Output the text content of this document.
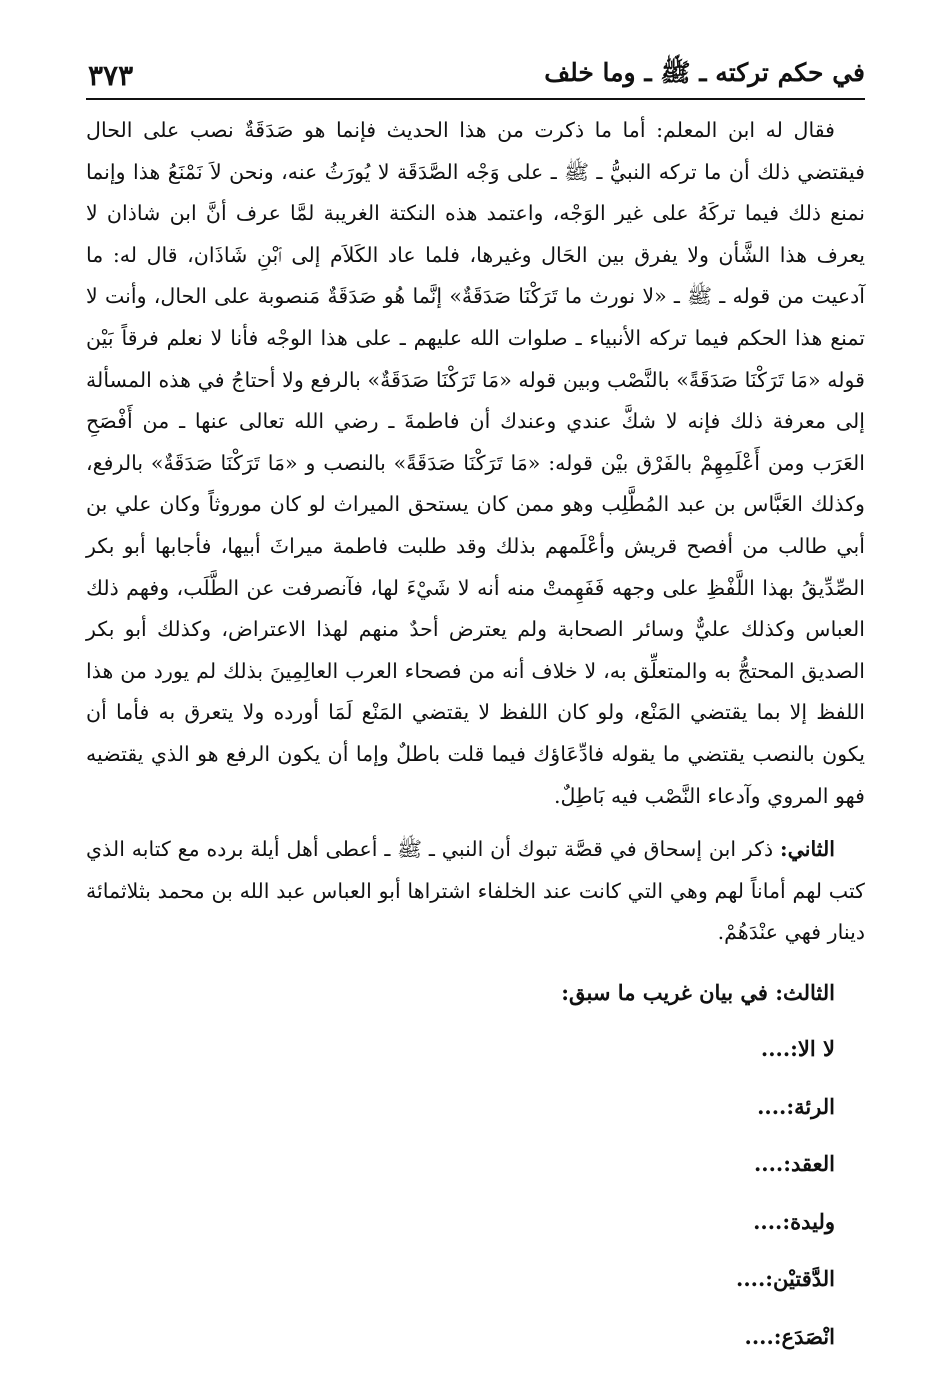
في حكم تركته ـ ﷺ ـ وما خلف
٣٧٣

فقال له ابن المعلم: أما ما ذكرت من هذا الحديث فإنما هو صَدَقَةٌ نصب على الحال فيقتضي ذلك أن ما تركه النبيُّ ـ ﷺ ـ على وَجْه الصَّدَقَة لا يُورَثُ عنه، ونحن لاَ نَمْنَعُ هذا وإنما نمنع ذلك فيما تركَهُ على غير الوَجْه، واعتمد هذه النكتة الغريبة لمَّا عرف أنَّ ابن شاذان لا يعرف هذا الشَّأن ولا يفرق بين الحَال وغيرها، فلما عاد الكَلاَم إلى ٱبْنِ شَاذَان، قال له: ما آدعيت من قوله ـ ﷺ ـ «لا نورث ما تَرَكْنَا صَدَقَةٌ» إنَّما هُو صَدَقَةٌ مَنصوبة على الحال، وأنت لا تمنع هذا الحكم فيما تركه الأنبياء ـ صلوات الله عليهم ـ على هذا الوجْه فأنا لا نعلم فرقاً بَيْن قوله «مَا تَرَكْنَا صَدَقَةً» بالنَّصْب وبين قوله «مَا تَرَكْنَا صَدَقَةٌ» بالرفع ولا أحتاجُ في هذه المسألة إلى معرفة ذلك فإنه لا شكَّ عندي وعندك أن فاطمةَ ـ رضي الله تعالى عنها ـ من أَفْصَحِ العَرَب ومن أَعْلَمِهِمْ بالفَرْق بيْن قوله: «مَا تَرَكْنَا صَدَقَةً» بالنصب و «مَا تَرَكْنَا صَدَقَةٌ» بالرفع، وكذلك العَبَّاس بن عبد المُطَّلِب وهو ممن كان يستحق الميراث لو كان موروثاً وكان علي بن أبي طالب من أفصح قريش وأعْلَمهم بذلك وقد طلبت فاطمة ميراثَ أبيها، فأجابها أبو بكر الصِّدِّيقُ بهذا اللَّفْظِ على وجهه فَفَهِمتْ منه أنه لا شَيْءَ لها، فآنصرفت عن الطَّلَب، وفهم ذلك العباس وكذلك عليٌّ وسائر الصحابة ولم يعترض أحدٌ منهم لهذا الاعتراض، وكذلك أبو بكر الصديق المحتجُّ به والمتعلِّق به، لا خلاف أنه من فصحاء العرب العالِمِينَ بذلك لم يورد من هذا اللفظ إلا بما يقتضي المَنْع، ولو كان اللفظ لا يقتضي المَنْع لَمَا أورده ولا يتعرق به فأما أن يكون بالنصب يقتضي ما يقوله فادِّعَاؤك فيما قلت باطلٌ وإما أن يكون الرفع هو الذي يقتضيه فهو المروي وآدعاء النَّصْب فيه بَاطِلٌ.

الثاني: ذكر ابن إسحاق في قصَّة تبوك أن النبي ـ ﷺ ـ أعطى أهل أيلة برده مع كتابه الذي كتب لهم أماناً لهم وهي التي كانت عند الخلفاء اشتراها أبو العباس عبد الله بن محمد بثلاثمائة دينار فهي عنْدَهُمْ.

الثالث: في بيان غريب ما سبق:
لا الا:....
الرئة:....
العقد:....
وليدة:....
الدَّقتيْن:....
انْصَدَع:....
